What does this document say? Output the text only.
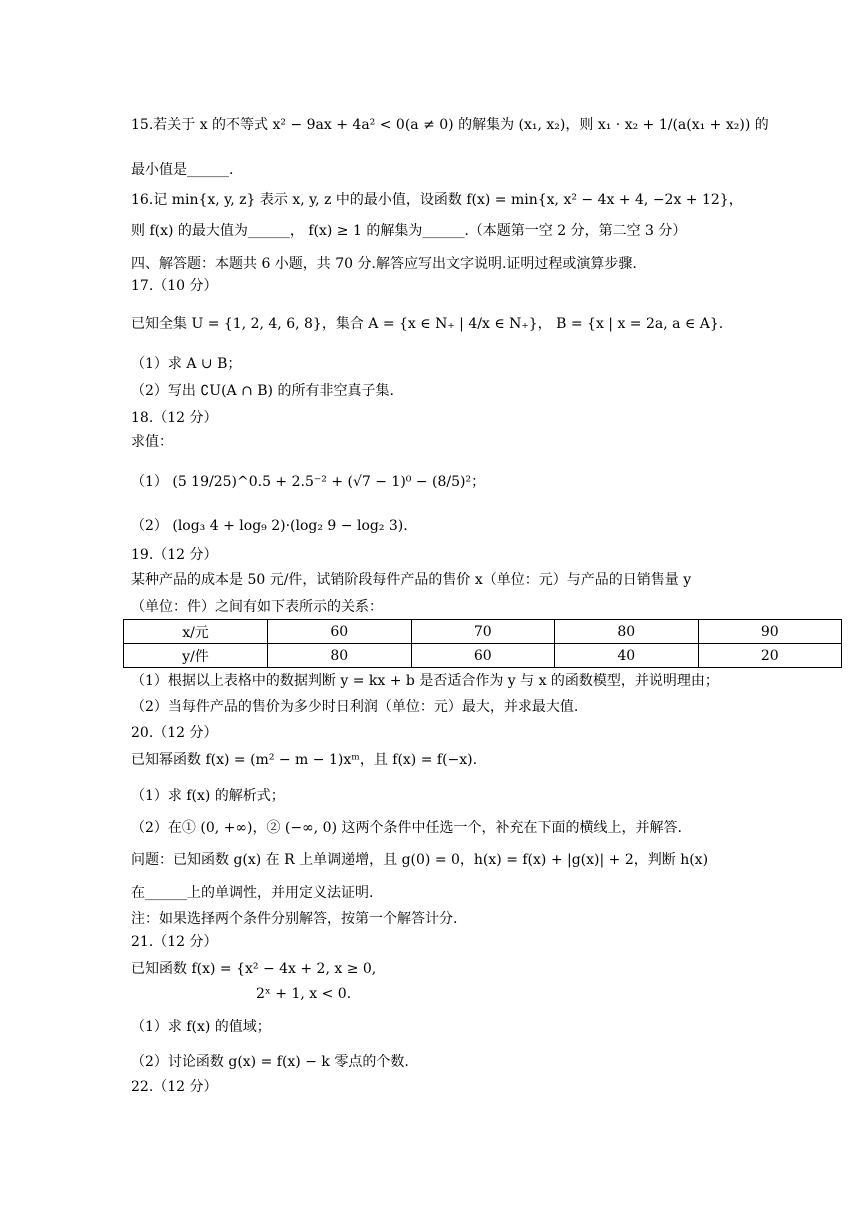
15.若关于 x 的不等式 x² − 9ax + 4a² < 0(a ≠ 0) 的解集为 (x₁, x₂)，则 x₁ · x₂ + 1/(a(x₁ + x₂)) 的
最小值是______.
16.记 min{x, y, z} 表示 x, y, z 中的最小值，设函数 f(x) = min{x, x² − 4x + 4, −2x + 12}，
则 f(x) 的最大值为______， f(x) ≥ 1 的解集为______.（本题第一空 2 分，第二空 3 分）
四、解答题：本题共 6 小题，共 70 分.解答应写出文字说明.证明过程或演算步骤.
17.（10 分）
已知全集 U = {1, 2, 4, 6, 8}，集合 A = {x ∈ N₊ | 4/x ∈ N₊}， B = {x | x = 2a, a ∈ A}.
（1）求 A ∪ B；
（2）写出 ∁U(A ∩ B) 的所有非空真子集.
18.（12 分）
求值：
（1） (5 19/25)^0.5 + 2.5⁻² + (√7 − 1)⁰ − (8/5)²；
（2） (log₃ 4 + log₉ 2)·(log₂ 9 − log₂ 3).
19.（12 分）
某种产品的成本是 50 元/件，试销阶段每件产品的售价 x（单位：元）与产品的日销售量 y
（单位：件）之间有如下表所示的关系：
x/元	60	70	80	90
y/件	80	60	40	20
（1）根据以上表格中的数据判断 y = kx + b 是否适合作为 y 与 x 的函数模型，并说明理由；
（2）当每件产品的售价为多少时日利润（单位：元）最大，并求最大值.
20.（12 分）
已知幂函数 f(x) = (m² − m − 1)xᵐ，且 f(x) = f(−x).
（1）求 f(x) 的解析式；
（2）在① (0, +∞)，② (−∞, 0) 这两个条件中任选一个，补充在下面的横线上，并解答.
问题：已知函数 g(x) 在 R 上单调递增，且 g(0) = 0，h(x) = f(x) + |g(x)| + 2，判断 h(x)
在______上的单调性，并用定义法证明.
注：如果选择两个条件分别解答，按第一个解答计分.
21.（12 分）
已知函数 f(x) = {x² − 4x + 2, x ≥ 0,
2ˣ + 1, x < 0.
（1）求 f(x) 的值域；
（2）讨论函数 g(x) = f(x) − k 零点的个数.
22.（12 分）
